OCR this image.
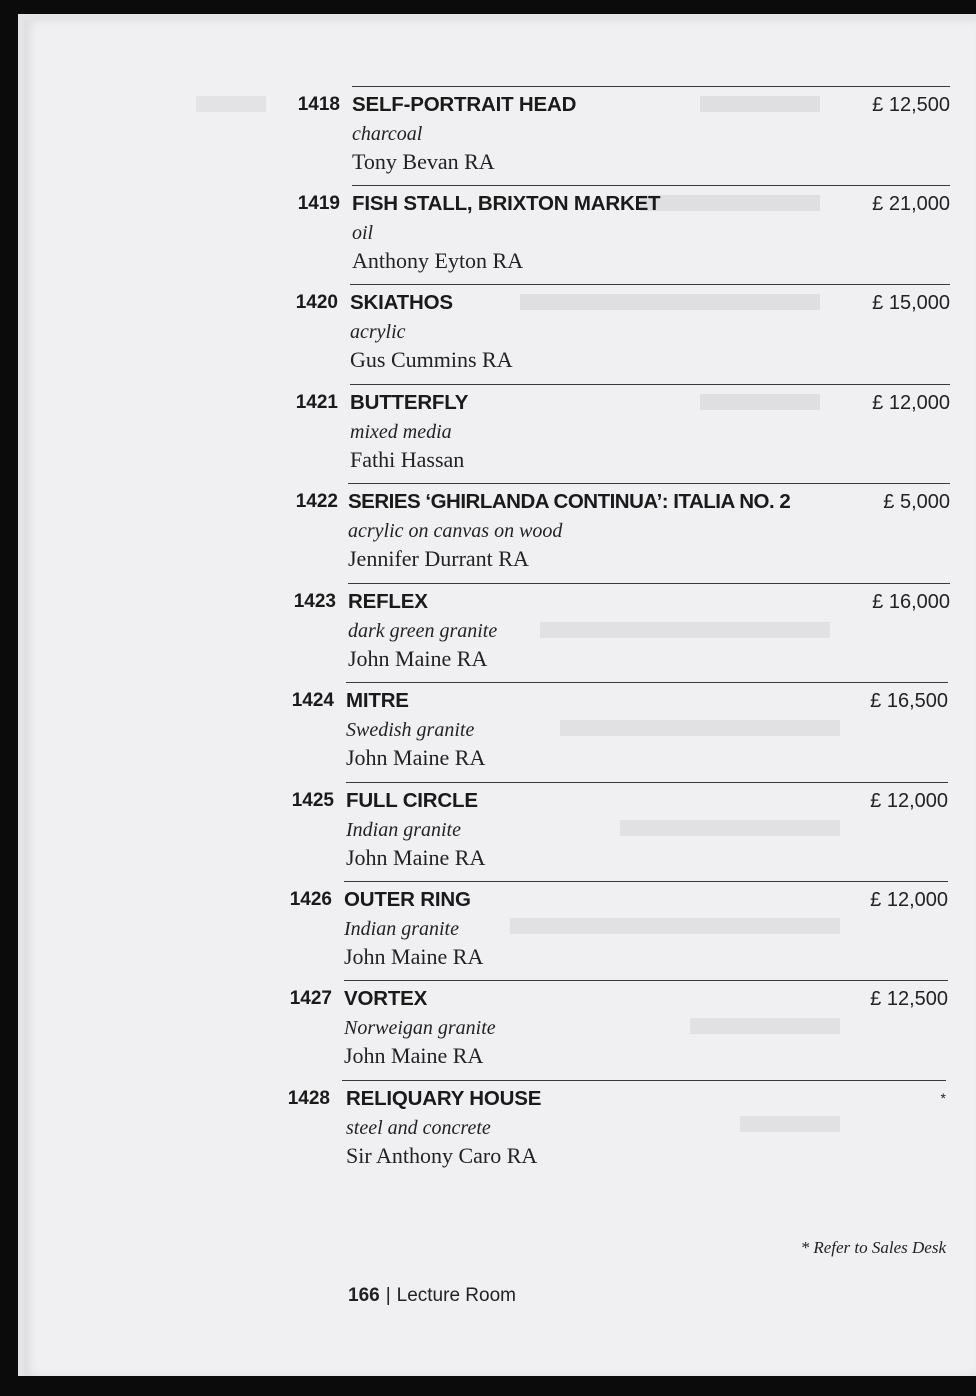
1418 SELF-PORTRAIT HEAD
charcoal
Tony Bevan RA
£ 12,500
1419 FISH STALL, BRIXTON MARKET
oil
Anthony Eyton RA
£ 21,000
1420 SKIATHOS
acrylic
Gus Cummins RA
£ 15,000
1421 BUTTERFLY
mixed media
Fathi Hassan
£ 12,000
1422 SERIES ‘GHIRLANDA CONTINUA’: ITALIA NO. 2
acrylic on canvas on wood
Jennifer Durrant RA
£ 5,000
1423 REFLEX
dark green granite
John Maine RA
£ 16,000
1424 MITRE
Swedish granite
John Maine RA
£ 16,500
1425 FULL CIRCLE
Indian granite
John Maine RA
£ 12,000
1426 OUTER RING
Indian granite
John Maine RA
£ 12,000
1427 VORTEX
Norweigan granite
John Maine RA
£ 12,500
1428 RELIQUARY HOUSE
steel and concrete
Sir Anthony Caro RA
*
* Refer to Sales Desk
166 | Lecture Room
